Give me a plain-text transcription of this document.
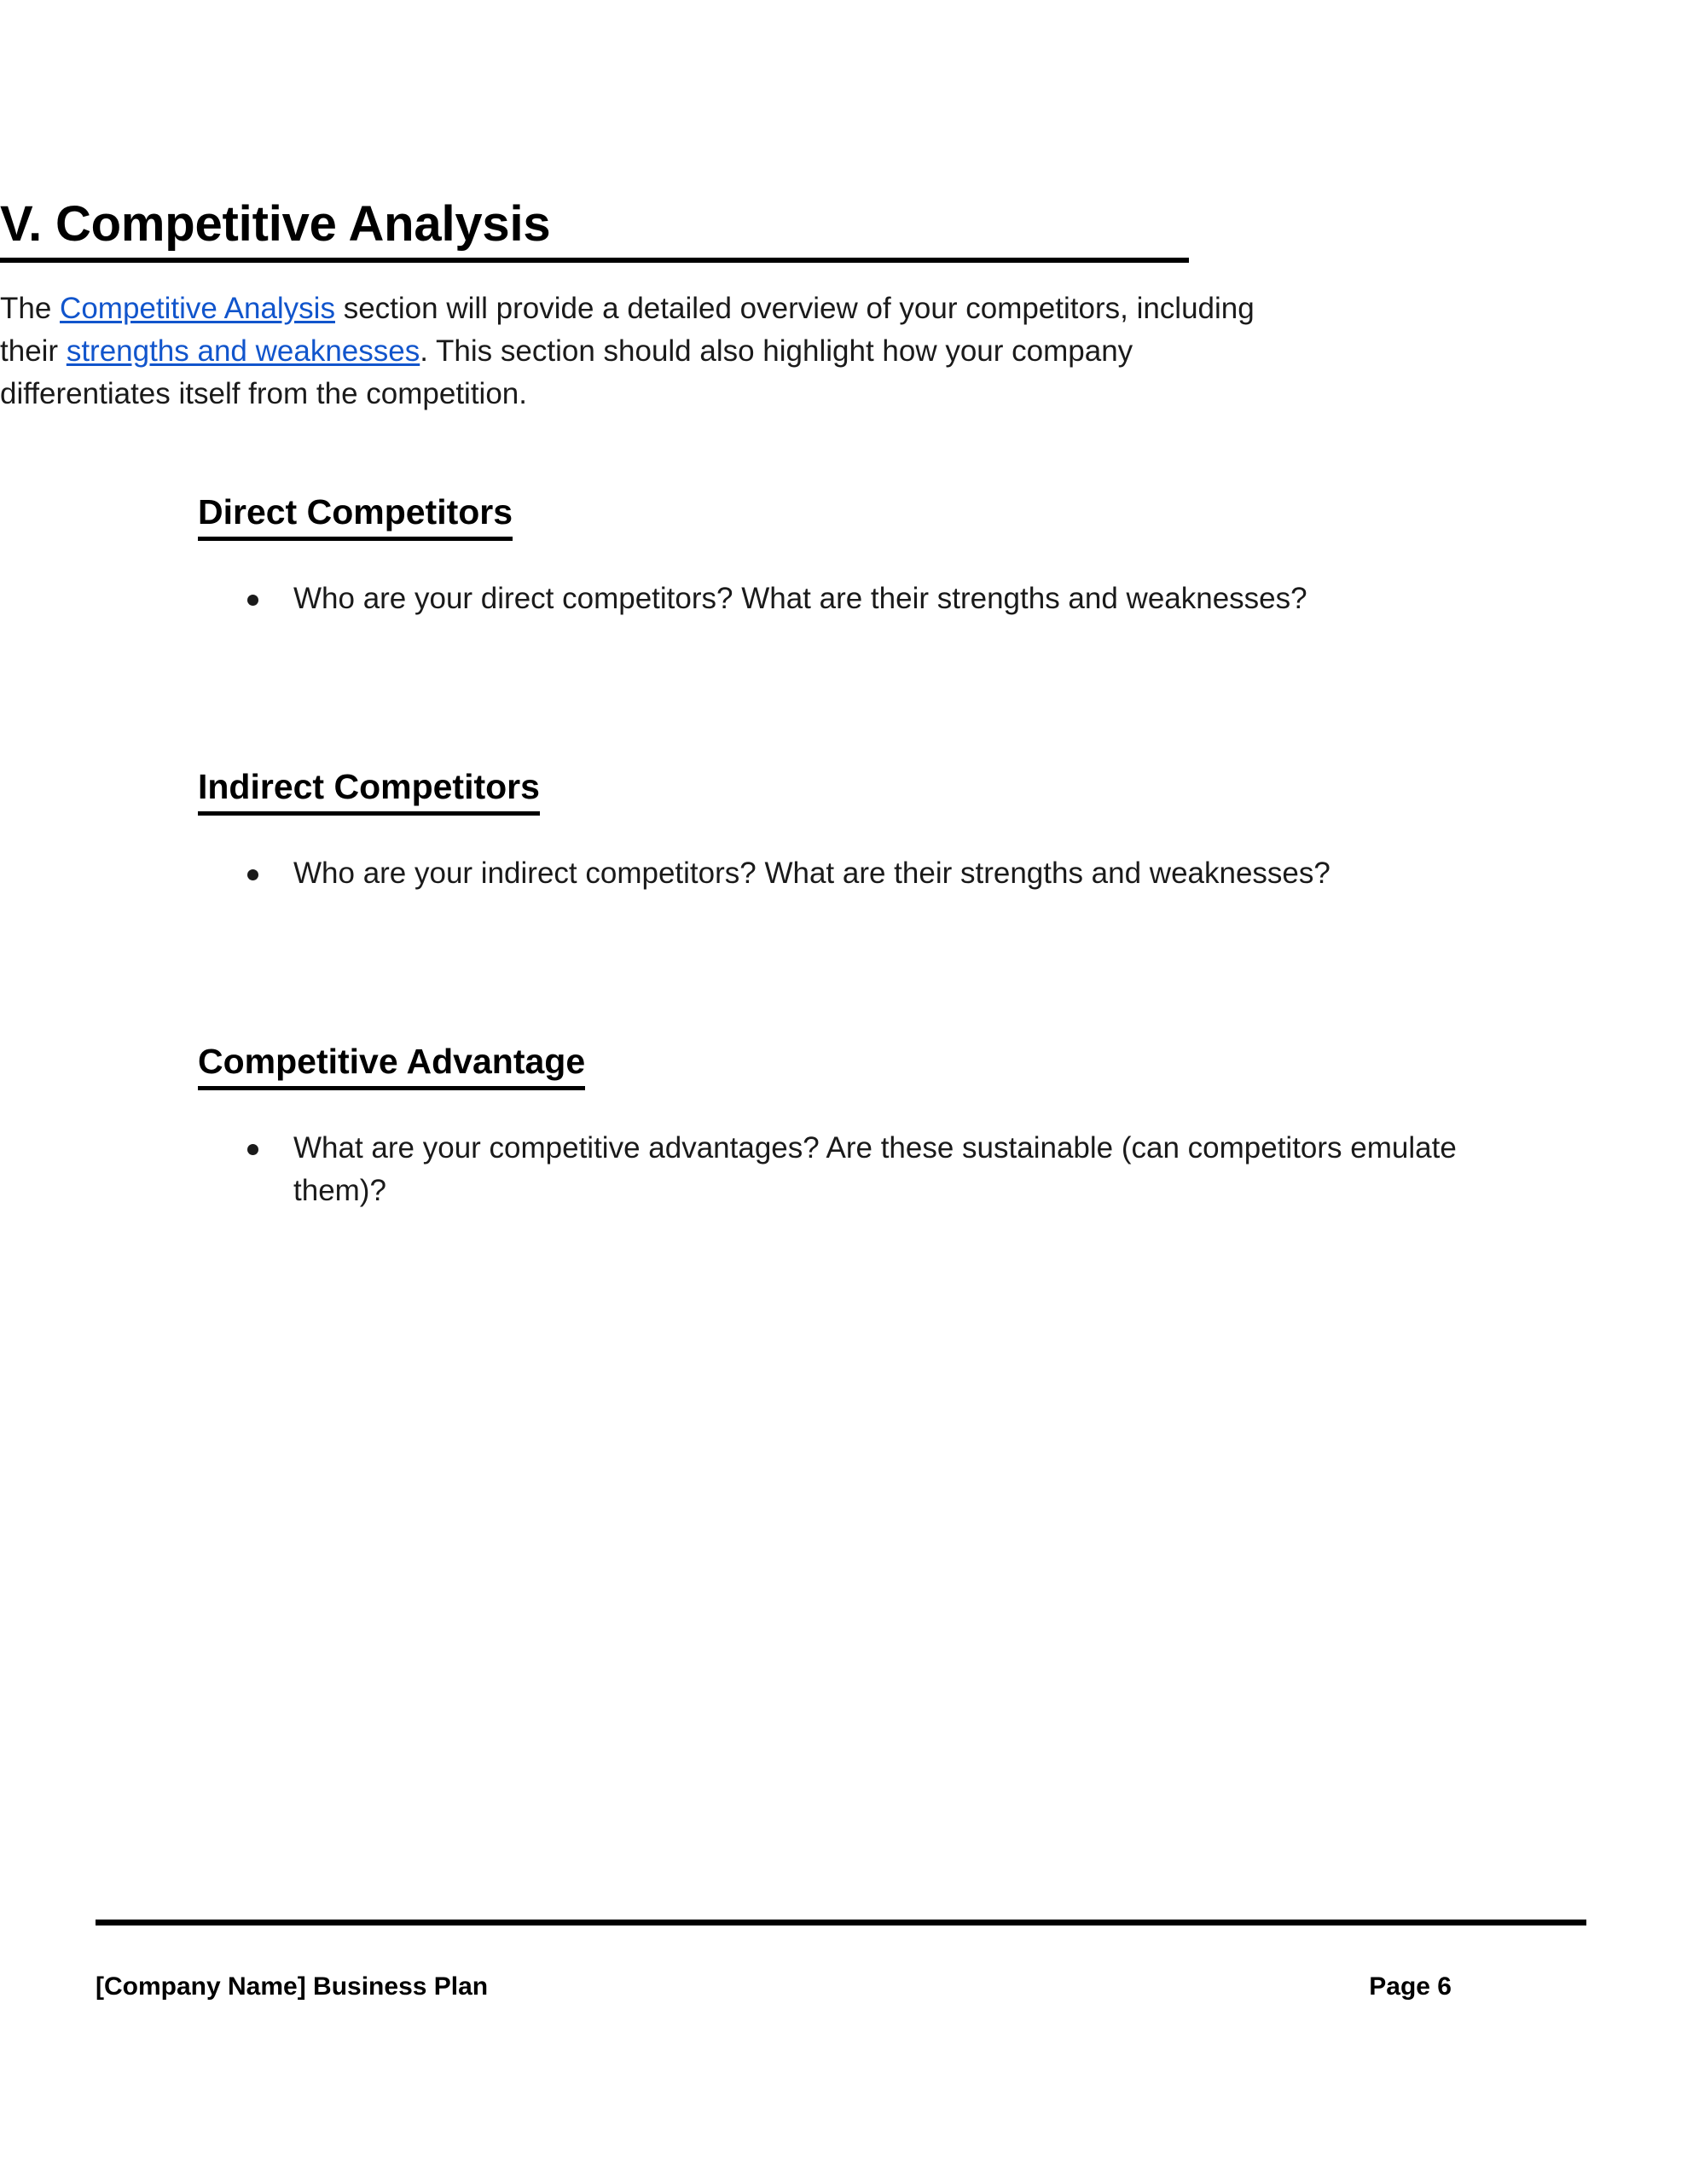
V. Competitive Analysis

The Competitive Analysis section will provide a detailed overview of your competitors, including their strengths and weaknesses. This section should also highlight how your company differentiates itself from the competition.

Direct Competitors
Who are your direct competitors? What are their strengths and weaknesses?
Indirect Competitors
Who are your indirect competitors? What are their strengths and weaknesses?
Competitive Advantage
What are your competitive advantages? Are these sustainable (can competitors emulate them)?
[Company Name] Business Plan	Page 6
